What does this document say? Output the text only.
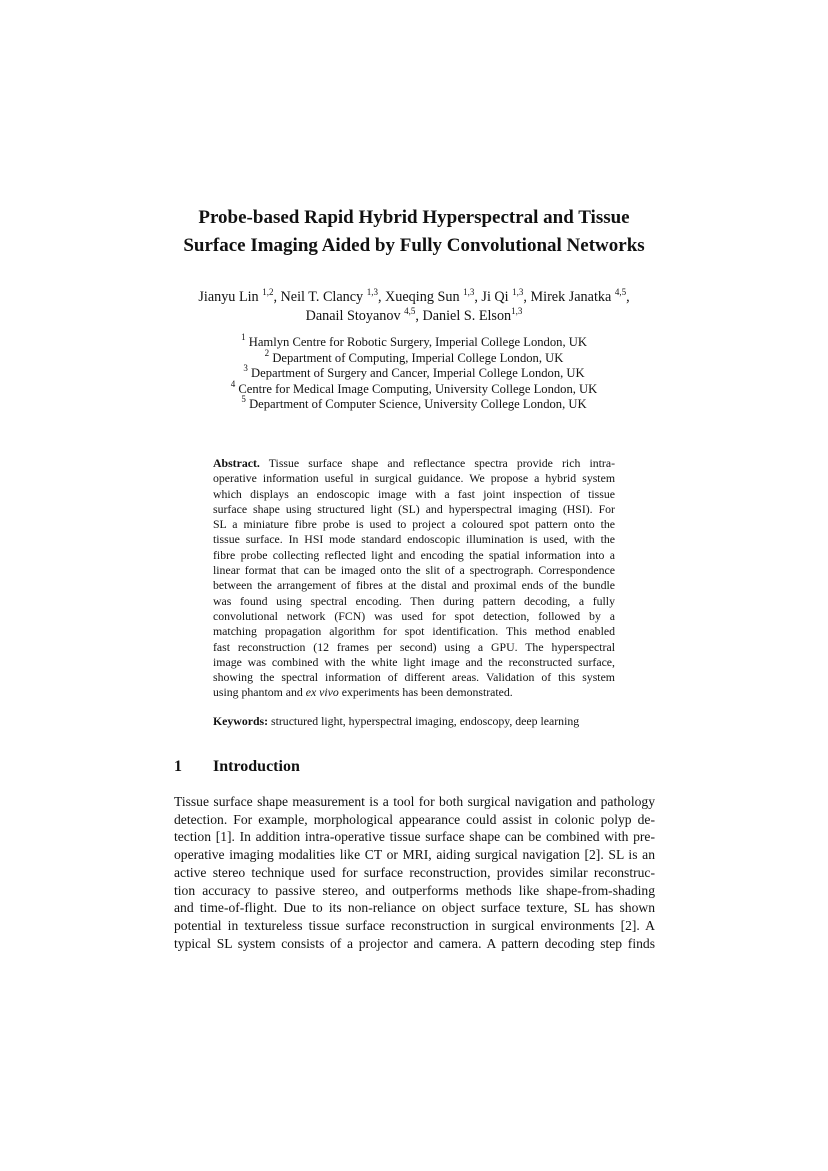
Probe-based Rapid Hybrid Hyperspectral and Tissue
Surface Imaging Aided by Fully Convolutional Networks
Jianyu Lin $^{1,2}$, Neil T. Clancy $^{1,3}$, Xueqing Sun $^{1,3}$, Ji Qi $^{1,3}$, Mirek Janatka $^{4,5}$,
Danail Stoyanov $^{4,5}$, Daniel S. Elson$^{1,3}$
$^1$ Hamlyn Centre for Robotic Surgery, Imperial College London, UK
$^2$ Department of Computing, Imperial College London, UK
$^3$ Department of Surgery and Cancer, Imperial College London, UK
$^4$ Centre for Medical Image Computing, University College London, UK
$^5$ Department of Computer Science, University College London, UK
Abstract. Tissue surface shape and reflectance spectra provide rich intra-
operative information useful in surgical guidance. We propose a hybrid system
which displays an endoscopic image with a fast joint inspection of tissue
surface shape using structured light (SL) and hyperspectral imaging (HSI). For
SL a miniature fibre probe is used to project a coloured spot pattern onto the
tissue surface. In HSI mode standard endoscopic illumination is used, with the
fibre probe collecting reflected light and encoding the spatial information into a
linear format that can be imaged onto the slit of a spectrograph. Correspondence
between the arrangement of fibres at the distal and proximal ends of the bundle
was found using spectral encoding. Then during pattern decoding, a fully
convolutional network (FCN) was used for spot detection, followed by a
matching propagation algorithm for spot identification. This method enabled
fast reconstruction (12 frames per second) using a GPU. The hyperspectral
image was combined with the white light image and the reconstructed surface,
showing the spectral information of different areas. Validation of this system
using phantom and ex vivo experiments has been demonstrated.
Keywords: structured light, hyperspectral imaging, endoscopy, deep learning
1 Introduction
Tissue surface shape measurement is a tool for both surgical navigation and pathology
detection. For example, morphological appearance could assist in colonic polyp de-
tection [1]. In addition intra-operative tissue surface shape can be combined with pre-
operative imaging modalities like CT or MRI, aiding surgical navigation [2]. SL is an
active stereo technique used for surface reconstruction, provides similar reconstruc-
tion accuracy to passive stereo, and outperforms methods like shape-from-shading
and time-of-flight. Due to its non-reliance on object surface texture, SL has shown
potential in textureless tissue surface reconstruction in surgical environments [2]. A
typical SL system consists of a projector and camera. A pattern decoding step finds
